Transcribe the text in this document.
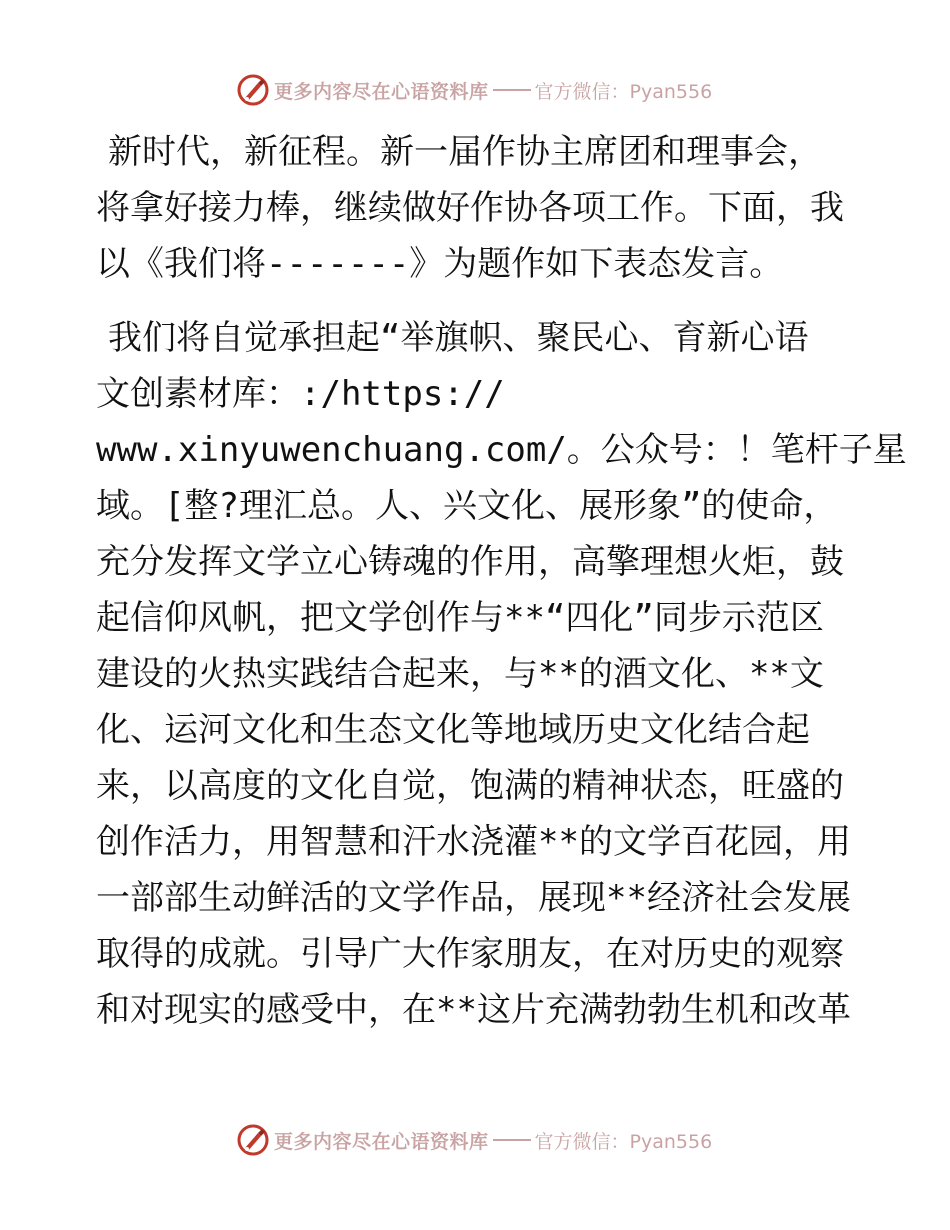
更多内容尽在心语资料库 官方微信：Pyan556
新时代，新征程。新一届作协主席团和理事会，
将拿好接力棒，继续做好作协各项工作。下面，我
以《我们将-------》为题作如下表态发言。
我们将自觉承担起“举旗帜、聚民心、育新心语
文创素材库：:/https://
www.xinyuwenchuang.com/。公众号：！笔杆子星
域。[整?理汇总。人、兴文化、展形象”的使命，
充分发挥文学立心铸魂的作用，高擎理想火炬，鼓
起信仰风帆，把文学创作与**“四化”同步示范区
建设的火热实践结合起来，与**的酒文化、**文
化、运河文化和生态文化等地域历史文化结合起
来，以高度的文化自觉，饱满的精神状态，旺盛的
创作活力，用智慧和汗水浇灌**的文学百花园，用
一部部生动鲜活的文学作品，展现**经济社会发展
取得的成就。引导广大作家朋友，在对历史的观察
和对现实的感受中，在**这片充满勃勃生机和改革
更多内容尽在心语资料库 官方微信：Pyan556
